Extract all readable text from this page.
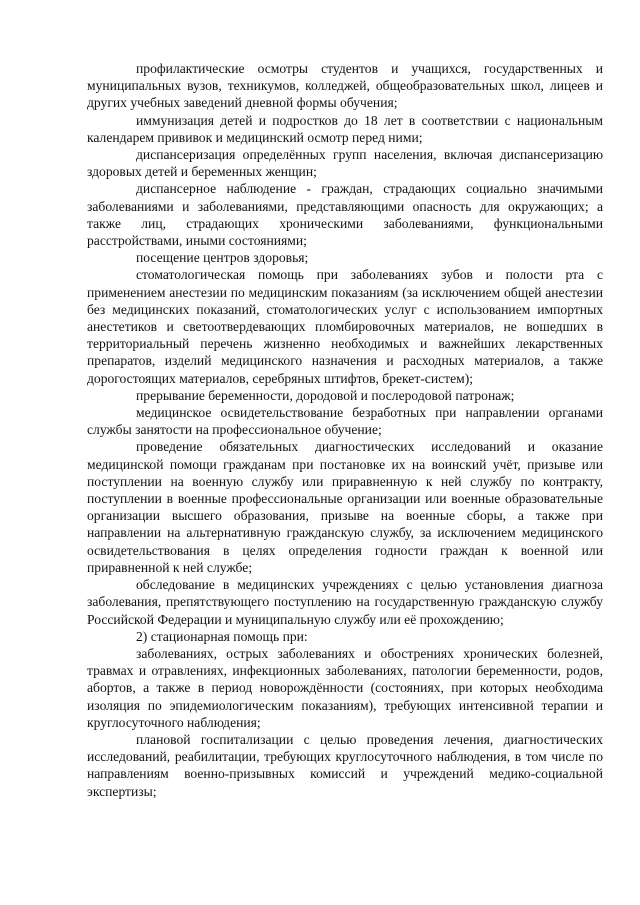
профилактические осмотры студентов и учащихся, государственных и муниципальных вузов, техникумов, колледжей, общеобразовательных школ, лицеев и других учебных заведений дневной формы обучения;

иммунизация детей и подростков до 18 лет в соответствии с национальным календарем прививок и медицинский осмотр перед ними;

диспансеризация определённых групп населения, включая диспансеризацию здоровых детей и беременных женщин;

диспансерное наблюдение - граждан, страдающих социально значимыми заболеваниями и заболеваниями, представляющими опасность для окружающих; а также лиц, страдающих хроническими заболеваниями, функциональными расстройствами, иными состояниями;

посещение центров здоровья;

стоматологическая помощь при заболеваниях зубов и полости рта с применением анестезии по медицинским показаниям (за исключением общей анестезии без медицинских показаний, стоматологических услуг с использованием импортных анестетиков и светоотвердевающих пломбировочных материалов, не вошедших в территориальный перечень жизненно необходимых и важнейших лекарственных препаратов, изделий медицинского назначения и расходных материалов, а также дорогостоящих материалов, серебряных штифтов, брекет-систем);

прерывание беременности, дородовой и послеродовой патронаж;

медицинское освидетельствование безработных при направлении органами службы занятости на профессиональное обучение;

проведение обязательных диагностических исследований и оказание медицинской помощи гражданам при постановке их на воинский учёт, призыве или поступлении на военную службу или приравненную к ней службу по контракту, поступлении в военные профессиональные организации или военные образовательные организации высшего образования, призыве на военные сборы, а также при направлении на альтернативную гражданскую службу, за исключением медицинского освидетельствования в целях определения годности граждан к военной или приравненной к ней службе;

обследование в медицинских учреждениях с целью установления диагноза заболевания, препятствующего поступлению на государственную гражданскую службу Российской Федерации и муниципальную службу или её прохождению;

2) стационарная помощь при:

заболеваниях, острых заболеваниях и обострениях хронических болезней, травмах и отравлениях, инфекционных заболеваниях, патологии беременности, родов, абортов, а также в период новорождённости (состояниях, при которых необходима изоляция по эпидемиологическим показаниям), требующих интенсивной терапии и круглосуточного наблюдения;

плановой госпитализации с целью проведения лечения, диагностических исследований, реабилитации, требующих круглосуточного наблюдения, в том числе по направлениям военно-призывных комиссий и учреждений медико-социальной экспертизы;
